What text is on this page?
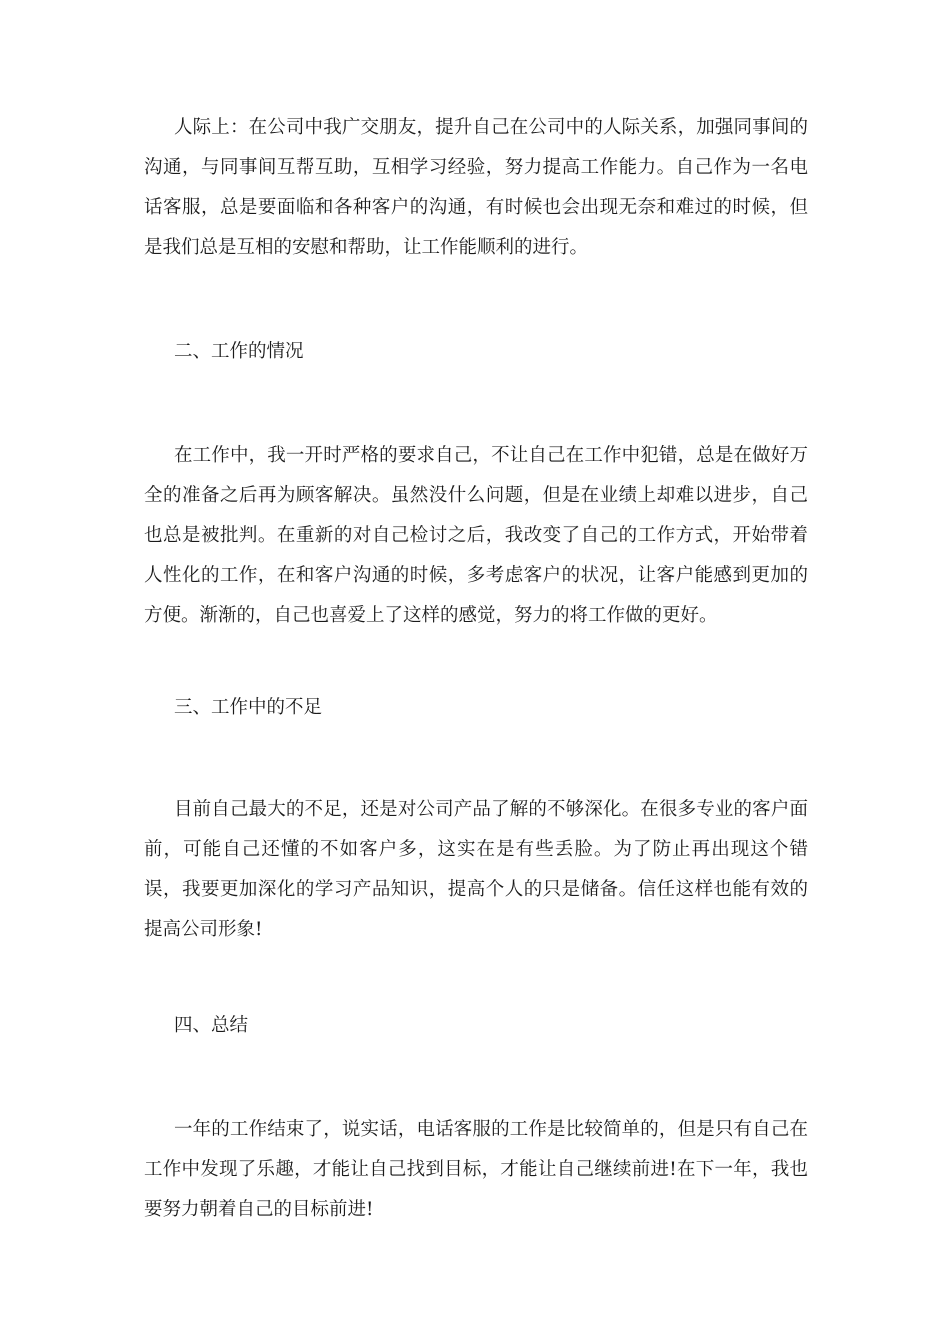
人际上：在公司中我广交朋友，提升自己在公司中的人际关系，加强同事间的沟通，与同事间互帮互助，互相学习经验，努力提高工作能力。自己作为一名电话客服，总是要面临和各种客户的沟通，有时候也会出现无奈和难过的时候，但是我们总是互相的安慰和帮助，让工作能顺利的进行。

二、工作的情况

在工作中，我一开时严格的要求自己，不让自己在工作中犯错，总是在做好万全的准备之后再为顾客解决。虽然没什么问题，但是在业绩上却难以进步，自己也总是被批判。在重新的对自己检讨之后，我改变了自己的工作方式，开始带着人性化的工作，在和客户沟通的时候，多考虑客户的状况，让客户能感到更加的方便。渐渐的，自己也喜爱上了这样的感觉，努力的将工作做的更好。

三、工作中的不足

目前自己最大的不足，还是对公司产品了解的不够深化。在很多专业的客户面前，可能自己还懂的不如客户多，这实在是有些丢脸。为了防止再出现这个错误，我要更加深化的学习产品知识，提高个人的只是储备。信任这样也能有效的提高公司形象!

四、总结

一年的工作结束了，说实话，电话客服的工作是比较简单的，但是只有自己在工作中发现了乐趣，才能让自己找到目标，才能让自己继续前进!在下一年，我也要努力朝着自己的目标前进!
